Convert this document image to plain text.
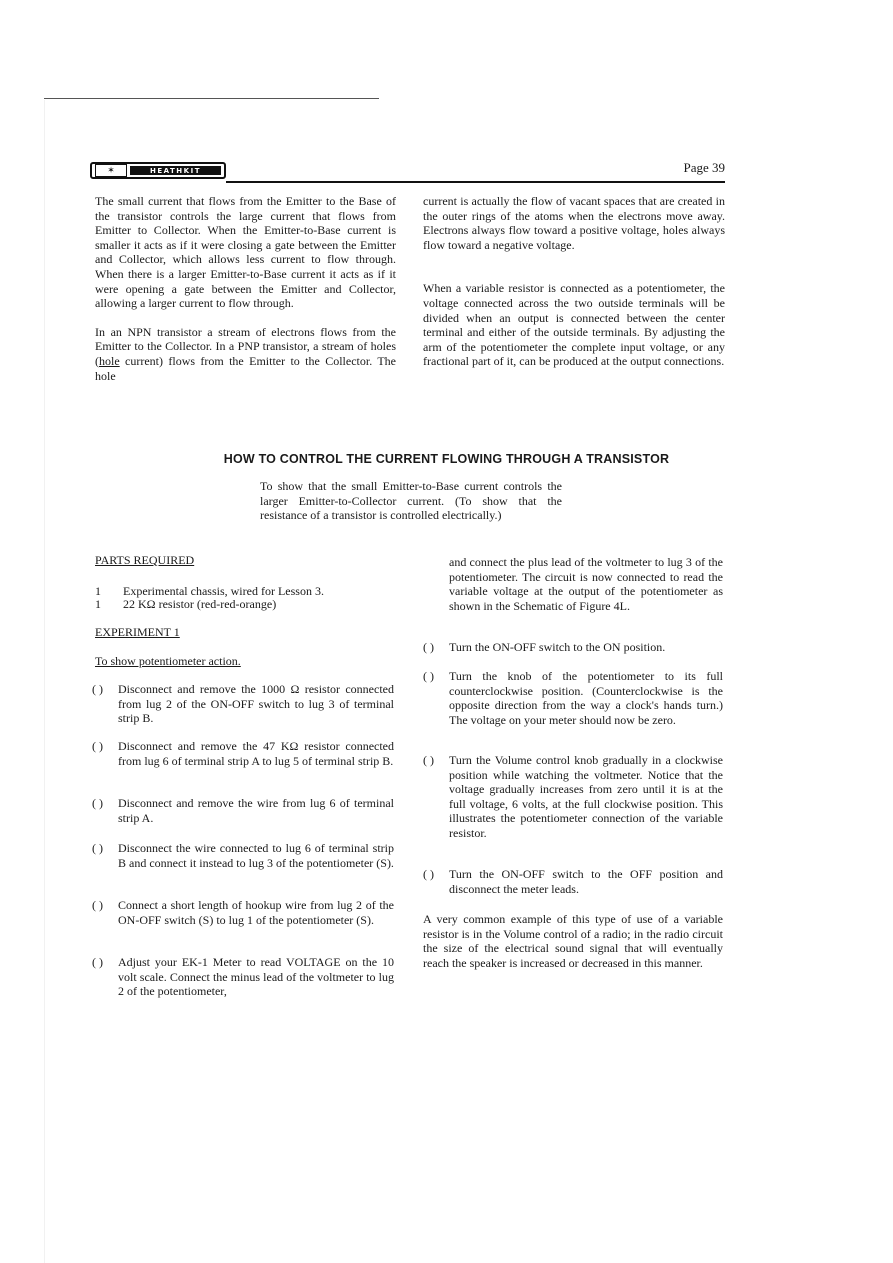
✶	HEATHKIT	Page 39

The small current that flows from the Emitter to the Base of the transistor controls the large current that flows from Emitter to Collector. When the Emitter-to-Base current is smaller it acts as if it were closing a gate between the Emitter and Collector, which allows less current to flow through. When there is a larger Emitter-to-Base current it acts as if it were opening a gate between the Emitter and Collector, allowing a larger current to flow through.

In an NPN transistor a stream of electrons flows from the Emitter to the Collector. In a PNP transistor, a stream of holes (hole current) flows from the Emitter to the Collector. The hole

current is actually the flow of vacant spaces that are created in the outer rings of the atoms when the electrons move away. Electrons always flow toward a positive voltage, holes always flow toward a negative voltage.

When a variable resistor is connected as a potentiometer, the voltage connected across the two outside terminals will be divided when an output is connected between the center terminal and either of the outside terminals. By adjusting the arm of the potentiometer the complete input voltage, or any fractional part of it, can be produced at the output connections.

HOW TO CONTROL THE CURRENT FLOWING THROUGH A TRANSISTOR
To show that the small Emitter-to-Base current controls the larger Emitter-to-Collector current. (To show that the resistance of a transistor is controlled electrically.)
PARTS REQUIRED
1 Experimental chassis, wired for Lesson 3.
1 22 KΩ resistor (red-red-orange)
EXPERIMENT 1
To show potentiometer action.
( ) Disconnect and remove the 1000 Ω resistor connected from lug 2 of the ON-OFF switch to lug 3 of terminal strip B.
( ) Disconnect and remove the 47 KΩ resistor connected from lug 6 of terminal strip A to lug 5 of terminal strip B.
( ) Disconnect and remove the wire from lug 6 of terminal strip A.
( ) Disconnect the wire connected to lug 6 of terminal strip B and connect it instead to lug 3 of the potentiometer (S).
( ) Connect a short length of hookup wire from lug 2 of the ON-OFF switch (S) to lug 1 of the potentiometer (S).
( ) Adjust your EK-1 Meter to read VOLTAGE on the 10 volt scale. Connect the minus lead of the voltmeter to lug 2 of the potentiometer,
and connect the plus lead of the voltmeter to lug 3 of the potentiometer. The circuit is now connected to read the variable voltage at the output of the potentiometer as shown in the Schematic of Figure 4L.
( ) Turn the ON-OFF switch to the ON position.
( ) Turn the knob of the potentiometer to its full counterclockwise position. (Counterclockwise is the opposite direction from the way a clock's hands turn.) The voltage on your meter should now be zero.
( ) Turn the Volume control knob gradually in a clockwise position while watching the voltmeter. Notice that the voltage gradually increases from zero until it is at the full voltage, 6 volts, at the full clockwise position. This illustrates the potentiometer connection of the variable resistor.
( ) Turn the ON-OFF switch to the OFF position and disconnect the meter leads.
A very common example of this type of use of a variable resistor is in the Volume control of a radio; in the radio circuit the size of the electrical sound signal that will eventually reach the speaker is increased or decreased in this manner.
